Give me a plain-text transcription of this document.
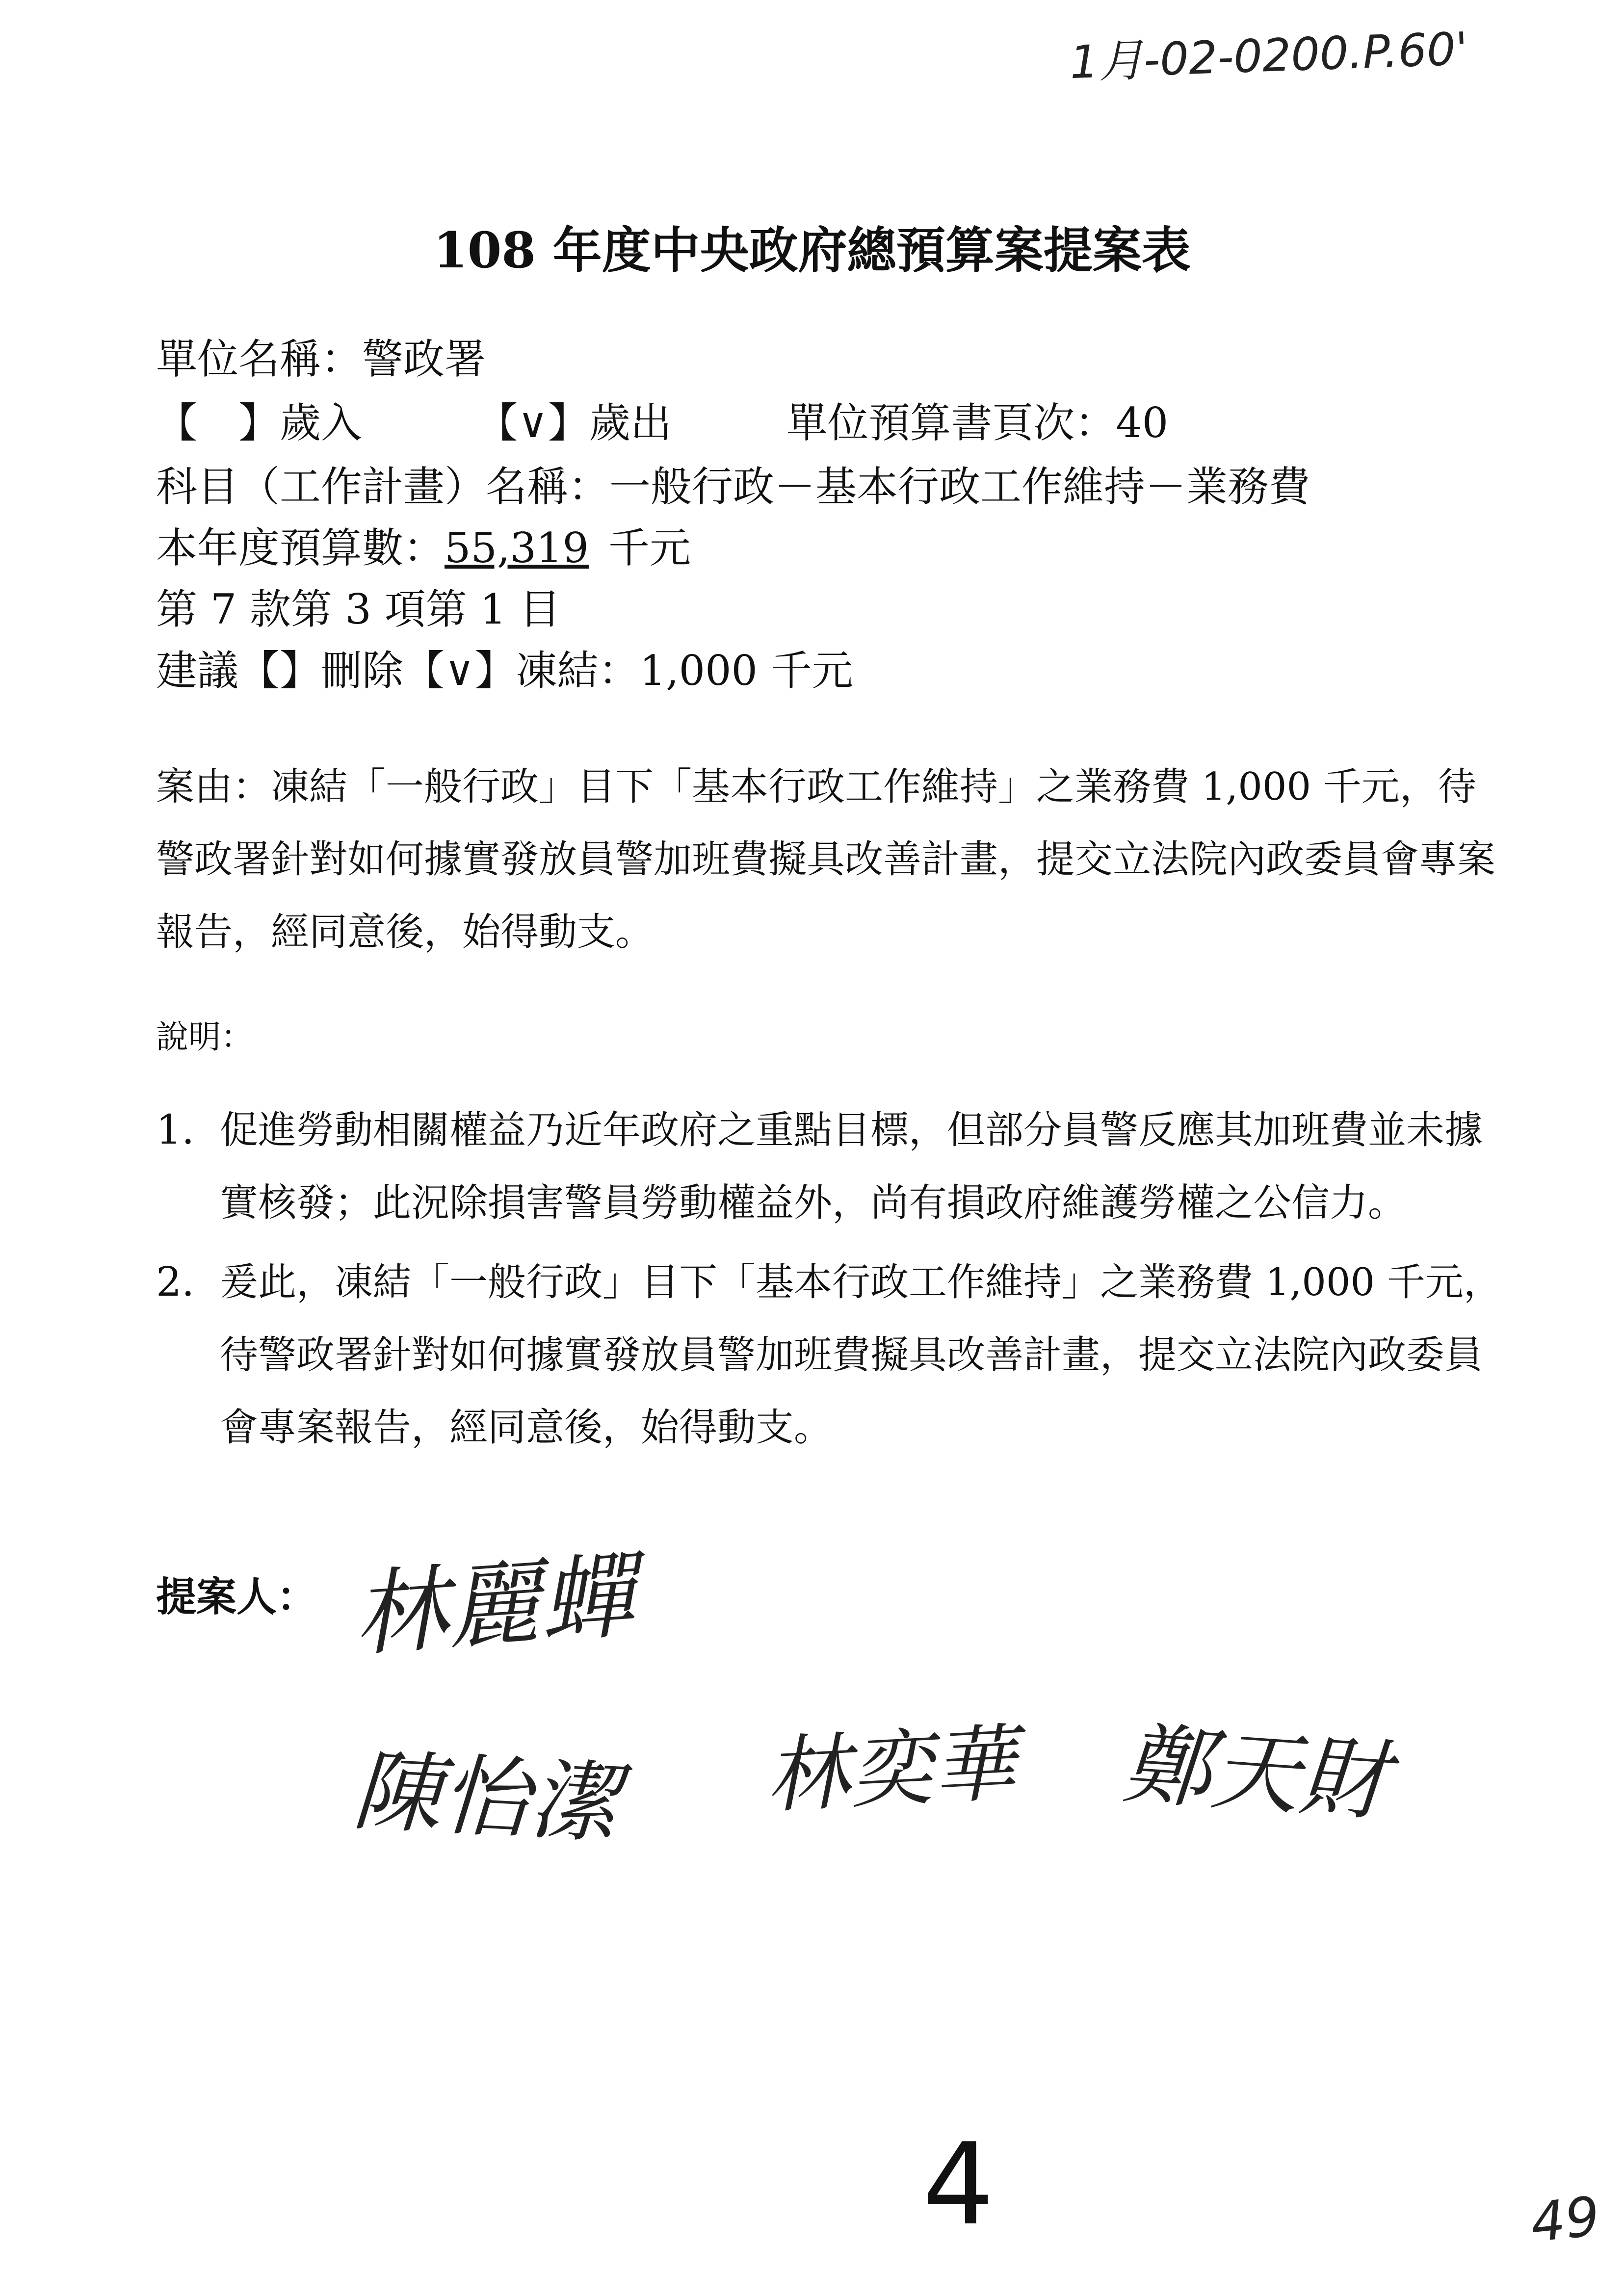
1月-02-0200.P.60'
108 年度中央政府總預算案提案表
單位名稱：警政署
【　】歲入	【∨】歲出	單位預算書頁次：40
科目（工作計畫）名稱：一般行政－基本行政工作維持－業務費
本年度預算數：55,319 千元
第 7 款第 3 項第 1 目
建議【】刪除【∨】凍結：1,000 千元
案由：凍結「一般行政」目下「基本行政工作維持」之業務費 1,000 千元，待警政署針對如何據實發放員警加班費擬具改善計畫，提交立法院內政委員會專案報告，經同意後，始得動支。
說明：
1. 促進勞動相關權益乃近年政府之重點目標，但部分員警反應其加班費並未據實核發；此況除損害警員勞動權益外，尚有損政府維護勞權之公信力。
2. 爰此，凍結「一般行政」目下「基本行政工作維持」之業務費 1,000 千元，待警政署針對如何據實發放員警加班費擬具改善計畫，提交立法院內政委員會專案報告，經同意後，始得動支。
提案人： 林麗蟬
陳怡潔 林奕華 鄭天財
4	49
